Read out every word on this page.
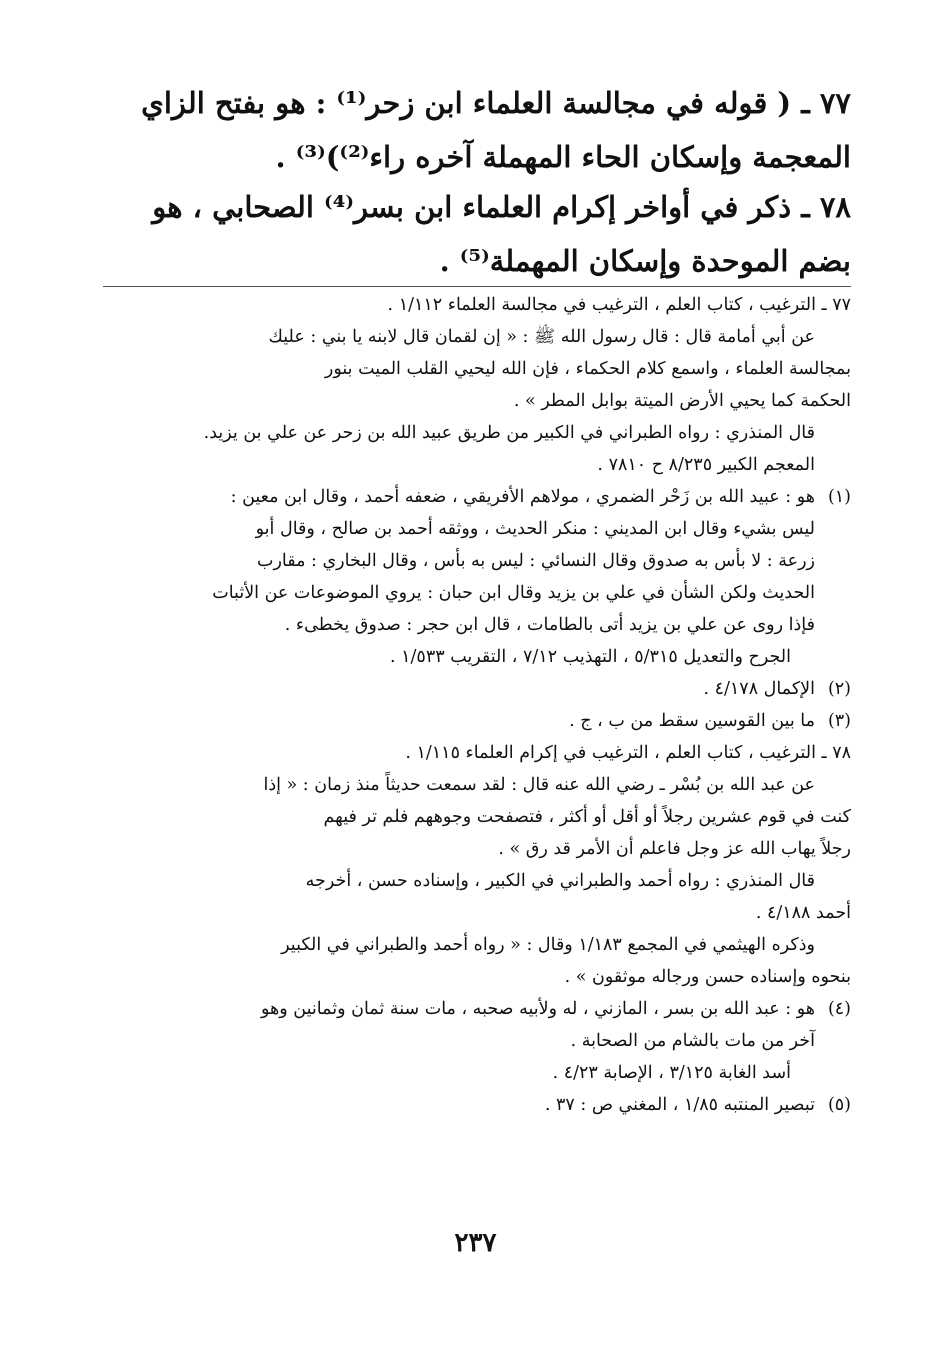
٧٧ ـ ( قوله في مجالسة العلماء ابن زحر⁽¹⁾ : هو بفتح الزاي

المعجمة وإسكان الحاء المهملة آخره راء⁽²⁾)⁽³⁾ .

٧٨ ـ ذكر في أواخر إكرام العلماء ابن بسر⁽⁴⁾ الصحابي ، هو

بضم الموحدة وإسكان المهملة⁽⁵⁾ .

٧٧ ـ الترغيب ، كتاب العلم ، الترغيب في مجالسة العلماء ١/١١٢ .

عن أبي أمامة قال : قال رسول الله ﷺ : « إن لقمان قال لابنه يا بني : عليك

بمجالسة العلماء ، واسمع كلام الحكماء ، فإن الله ليحيي القلب الميت بنور

الحكمة كما يحيي الأرض الميتة بوابل المطر » .

قال المنذري : رواه الطبراني في الكبير من طريق عبيد الله بن زحر عن علي بن يزيد.

المعجم الكبير ٨/٢٣٥ ح ٧٨١٠ .

(١)هو : عبيد الله بن زَحْر الضمري ، مولاهم الأفريقي ، ضعفه أحمد ، وقال ابن معين :

ليس بشيء وقال ابن المديني : منكر الحديث ، ووثقه أحمد بن صالح ، وقال أبو

زرعة : لا بأس به صدوق وقال النسائي : ليس به بأس ، وقال البخاري : مقارب

الحديث ولكن الشأن في علي بن يزيد وقال ابن حبان : يروي الموضوعات عن الأثبات

فإذا روى عن علي بن يزيد أتى بالطامات ، قال ابن حجر : صدوق يخطىء .

الجرح والتعديل ٥/٣١٥ ، التهذيب ٧/١٢ ، التقريب ١/٥٣٣ .

(٢)الإكمال ٤/١٧٨ .

(٣)ما بين القوسين سقط من ب ، ج .

٧٨ ـ الترغيب ، كتاب العلم ، الترغيب في إكرام العلماء ١/١١٥ .

عن عبد الله بن بُسْر ـ رضي الله عنه قال : لقد سمعت حديثاً منذ زمان : « إذا

كنت في قوم عشرين رجلاً أو أقل أو أكثر ، فتصفحت وجوههم فلم تر فيهم

رجلاً يهاب الله عز وجل فاعلم أن الأمر قد رق » .

قال المنذري : رواه أحمد والطبراني في الكبير ، وإسناده حسن ، أخرجه

أحمد ٤/١٨٨ .

وذكره الهيثمي في المجمع ١/١٨٣ وقال : « رواه أحمد والطبراني في الكبير

بنحوه وإسناده حسن ورجاله موثقون » .

(٤)هو : عبد الله بن بسر ، المازني ، له ولأبيه صحبه ، مات سنة ثمان وثمانين وهو

آخر من مات بالشام من الصحابة .

أسد الغابة ٣/١٢٥ ، الإصابة ٤/٢٣ .

(٥)تبصير المنتبه ١/٨٥ ، المغني ص : ٣٧ .

٢٣٧
